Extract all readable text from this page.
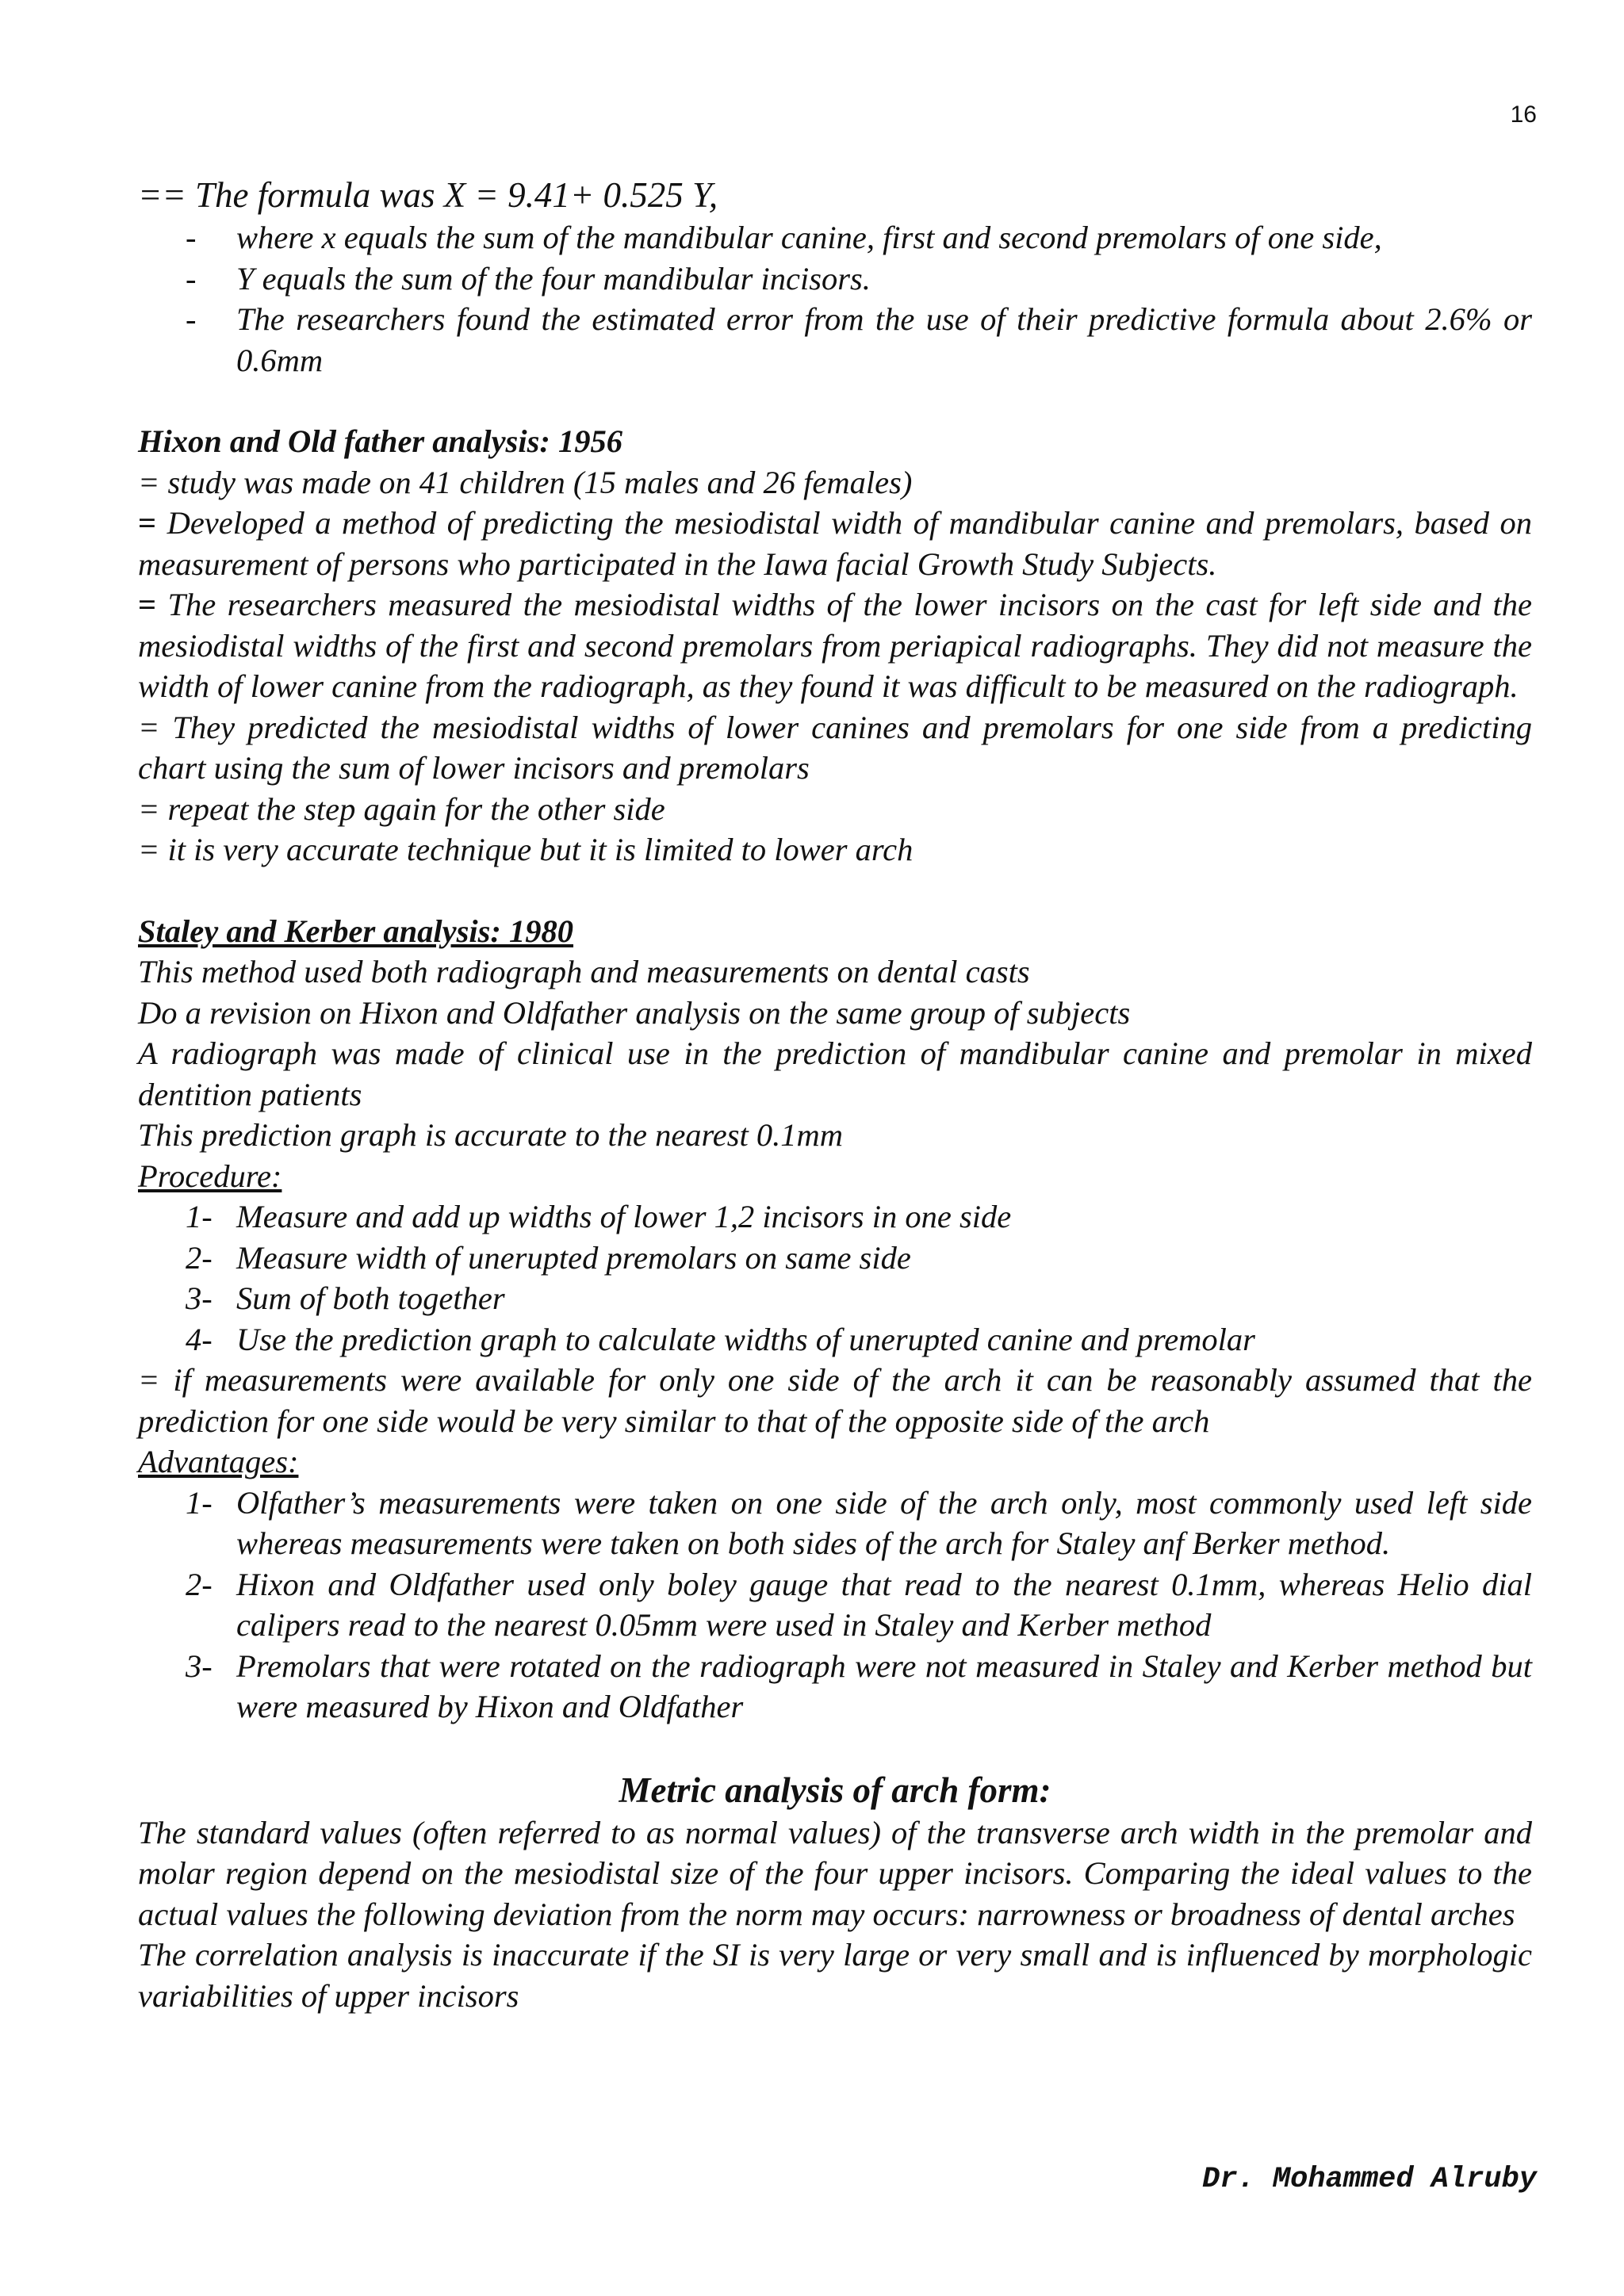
16

== The formula was X = 9.41+ 0.525 Y,

- where x equals the sum of the mandibular canine, first and second premolars of one side,
- Y equals the sum of the four mandibular incisors.
- The researchers found the estimated error from the use of their predictive formula about 2.6% or 0.6mm

Hixon and Old father analysis: 1956

= study was made on 41 children (15 males and 26 females)

= Developed a method of predicting the mesiodistal width of mandibular canine and premolars, based on measurement of persons who participated in the Iawa facial Growth Study Subjects.

= The researchers measured the mesiodistal widths of the lower incisors on the cast for left side and the mesiodistal widths of the first and second premolars from periapical radiographs. They did not measure the width of lower canine from the radiograph, as they found it was difficult to be measured on the radiograph.

= They predicted the mesiodistal widths of lower canines and premolars for one side from a predicting chart using the sum of lower incisors and premolars

= repeat the step again for the other side

= it is very accurate technique but it is limited to lower arch

Staley and Kerber analysis: 1980

This method used both radiograph and measurements on dental casts

Do a revision on Hixon and Oldfather analysis on the same group of subjects

A radiograph was made of clinical use in the prediction of mandibular canine and premolar in mixed dentition patients

This prediction graph is accurate to the nearest 0.1mm

Procedure:

1- Measure and add up widths of lower 1,2 incisors in one side
2- Measure width of unerupted premolars on same side
3- Sum of both together
4- Use the prediction graph to calculate widths of unerupted canine and premolar

= if measurements were available for only one side of the arch it can be reasonably assumed that the prediction for one side would be very similar to that of the opposite side of the arch

Advantages:

1- Olfather’s measurements were taken on one side of the arch only, most commonly used left side whereas measurements were taken on both sides of the arch for Staley anf Berker method.
2- Hixon and Oldfather used only boley gauge that read to the nearest 0.1mm, whereas Helio dial calipers read to the nearest 0.05mm were used in Staley and Kerber method
3- Premolars that were rotated on the radiograph were not measured in Staley and Kerber method but were measured by Hixon and Oldfather

Metric analysis of arch form:

The standard values (often referred to as normal values) of the transverse arch width in the premolar and molar region depend on the mesiodistal size of the four upper incisors. Comparing the ideal values to the actual values the following deviation from the norm may occurs: narrowness or broadness of dental arches

The correlation analysis is inaccurate if the SI is very large or very small and is influenced by morphologic variabilities of upper incisors

Dr. Mohammed Alruby
